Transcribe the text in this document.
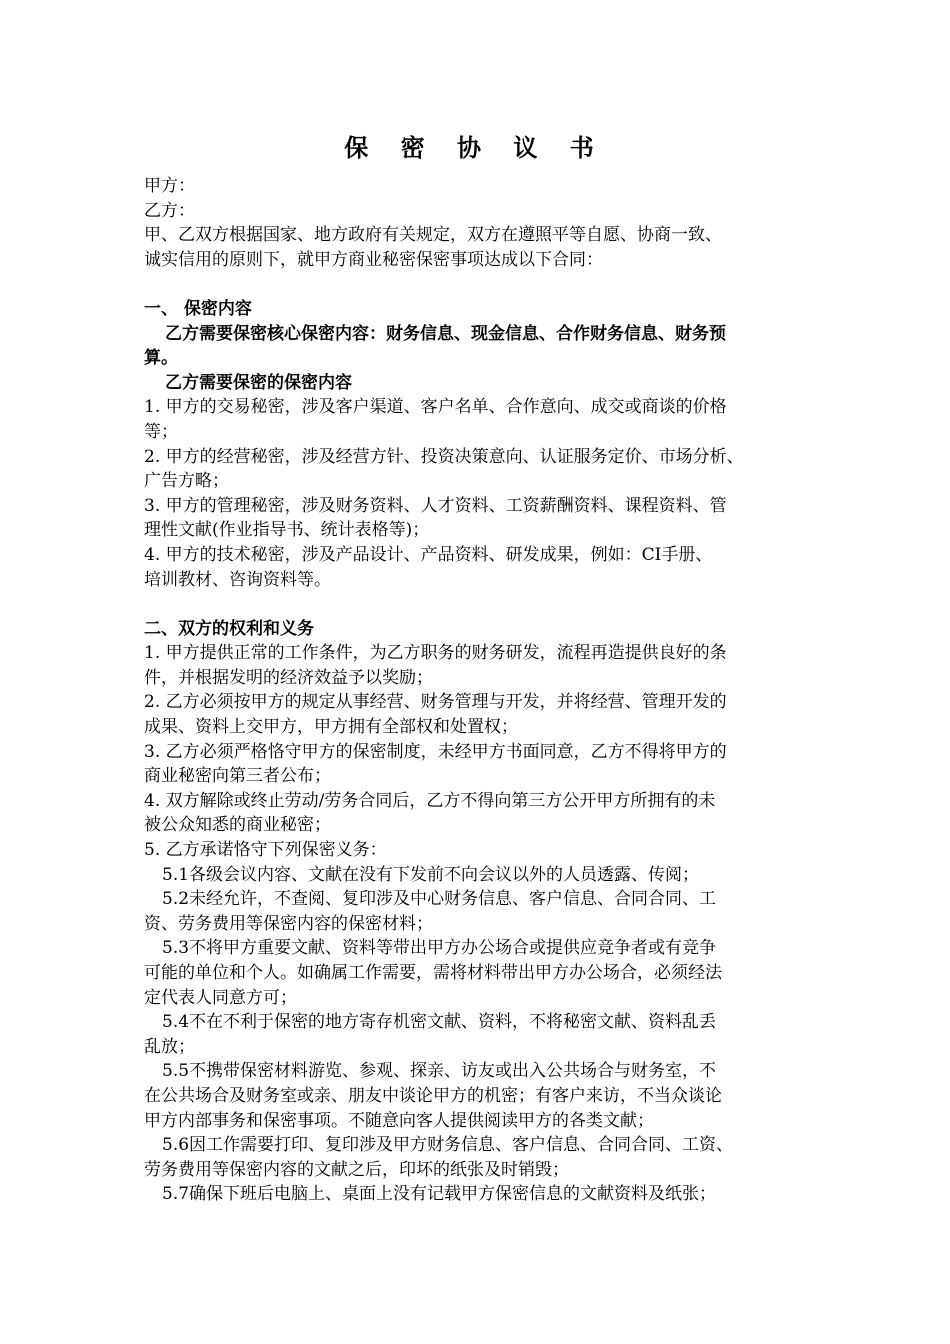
保 密 协 议 书
甲方：
乙方：
甲、乙双方根据国家、地方政府有关规定，双方在遵照平等自愿、协商一致、
诚实信用的原则下，就甲方商业秘密保密事项达成以下合同：
一、 保密内容
乙方需要保密核心保密内容：财务信息、现金信息、合作财务信息、财务预
算。
乙方需要保密的保密内容
1. 甲方的交易秘密，涉及客户渠道、客户名单、合作意向、成交或商谈的价格
等；
2. 甲方的经营秘密，涉及经营方针、投资决策意向、认证服务定价、市场分析、
广告方略；
3. 甲方的管理秘密，涉及财务资料、人才资料、工资薪酬资料、课程资料、管
理性文献(作业指导书、统计表格等)；
4. 甲方的技术秘密，涉及产品设计、产品资料、研发成果，例如：CI手册、
培训教材、咨询资料等。
二、双方的权利和义务
1. 甲方提供正常的工作条件，为乙方职务的财务研发，流程再造提供良好的条
件，并根据发明的经济效益予以奖励；
2. 乙方必须按甲方的规定从事经营、财务管理与开发，并将经营、管理开发的
成果、资料上交甲方，甲方拥有全部权和处置权；
3. 乙方必须严格恪守甲方的保密制度，未经甲方书面同意，乙方不得将甲方的
商业秘密向第三者公布；
4. 双方解除或终止劳动/劳务合同后，乙方不得向第三方公开甲方所拥有的未
被公众知悉的商业秘密；
5. 乙方承诺恪守下列保密义务：
5.1各级会议内容、文献在没有下发前不向会议以外的人员透露、传阅；
5.2未经允许，不查阅、复印涉及中心财务信息、客户信息、合同合同、工
资、劳务费用等保密内容的保密材料；
5.3不将甲方重要文献、资料等带出甲方办公场合或提供应竞争者或有竞争
可能的单位和个人。如确属工作需要，需将材料带出甲方办公场合，必须经法
定代表人同意方可；
5.4不在不利于保密的地方寄存机密文献、资料，不将秘密文献、资料乱丢
乱放；
5.5不携带保密材料游览、参观、探亲、访友或出入公共场合与财务室，不
在公共场合及财务室或亲、朋友中谈论甲方的机密；有客户来访，不当众谈论
甲方内部事务和保密事项。不随意向客人提供阅读甲方的各类文献；
5.6因工作需要打印、复印涉及甲方财务信息、客户信息、合同合同、工资、
劳务费用等保密内容的文献之后，印坏的纸张及时销毁；
5.7确保下班后电脑上、桌面上没有记载甲方保密信息的文献资料及纸张；
